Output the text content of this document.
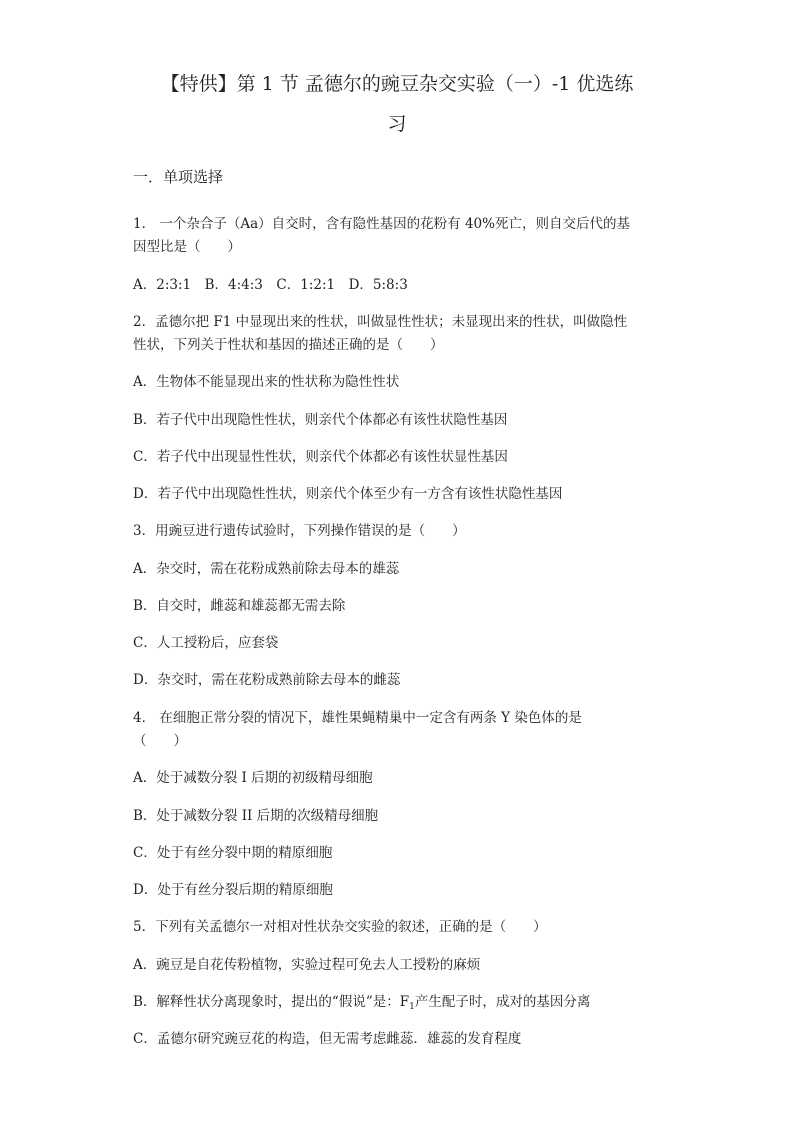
【特供】第 1 节 孟德尔的豌豆杂交实验（一）-1 优选练
习
一．单项选择
1． 一个杂合子（Aa）自交时，含有隐性基因的花粉有 40%死亡，则自交后代的基
因型比是（　　）
A．2:3:1　B．4:4:3　C．1:2:1　D．5:8:3
2．孟德尔把 F1 中显现出来的性状，叫做显性性状；未显现出来的性状，叫做隐性
性状，下列关于性状和基因的描述正确的是（　　）
A．生物体不能显现出来的性状称为隐性性状
B．若子代中出现隐性性状，则亲代个体都必有该性状隐性基因
C．若子代中出现显性性状，则亲代个体都必有该性状显性基因
D．若子代中出现隐性性状，则亲代个体至少有一方含有该性状隐性基因
3．用豌豆进行遗传试验时，下列操作错误的是（　　）
A．杂交时，需在花粉成熟前除去母本的雄蕊
B．自交时，雌蕊和雄蕊都无需去除
C．人工授粉后，应套袋
D．杂交时，需在花粉成熟前除去母本的雌蕊
4． 在细胞正常分裂的情况下，雄性果蝇精巢中一定含有两条 Y 染色体的是
（　　）
A．处于减数分裂 I 后期的初级精母细胞
B．处于减数分裂 II 后期的次级精母细胞
C．处于有丝分裂中期的精原细胞
D．处于有丝分裂后期的精原细胞
5．下列有关孟德尔一对相对性状杂交实验的叙述，正确的是（　　）
A．豌豆是自花传粉植物，实验过程可免去人工授粉的麻烦
B．解释性状分离现象时，提出的“假说”是：$F_1$产生配子时，成对的基因分离
C．孟德尔研究豌豆花的构造，但无需考虑雌蕊．雄蕊的发育程度
